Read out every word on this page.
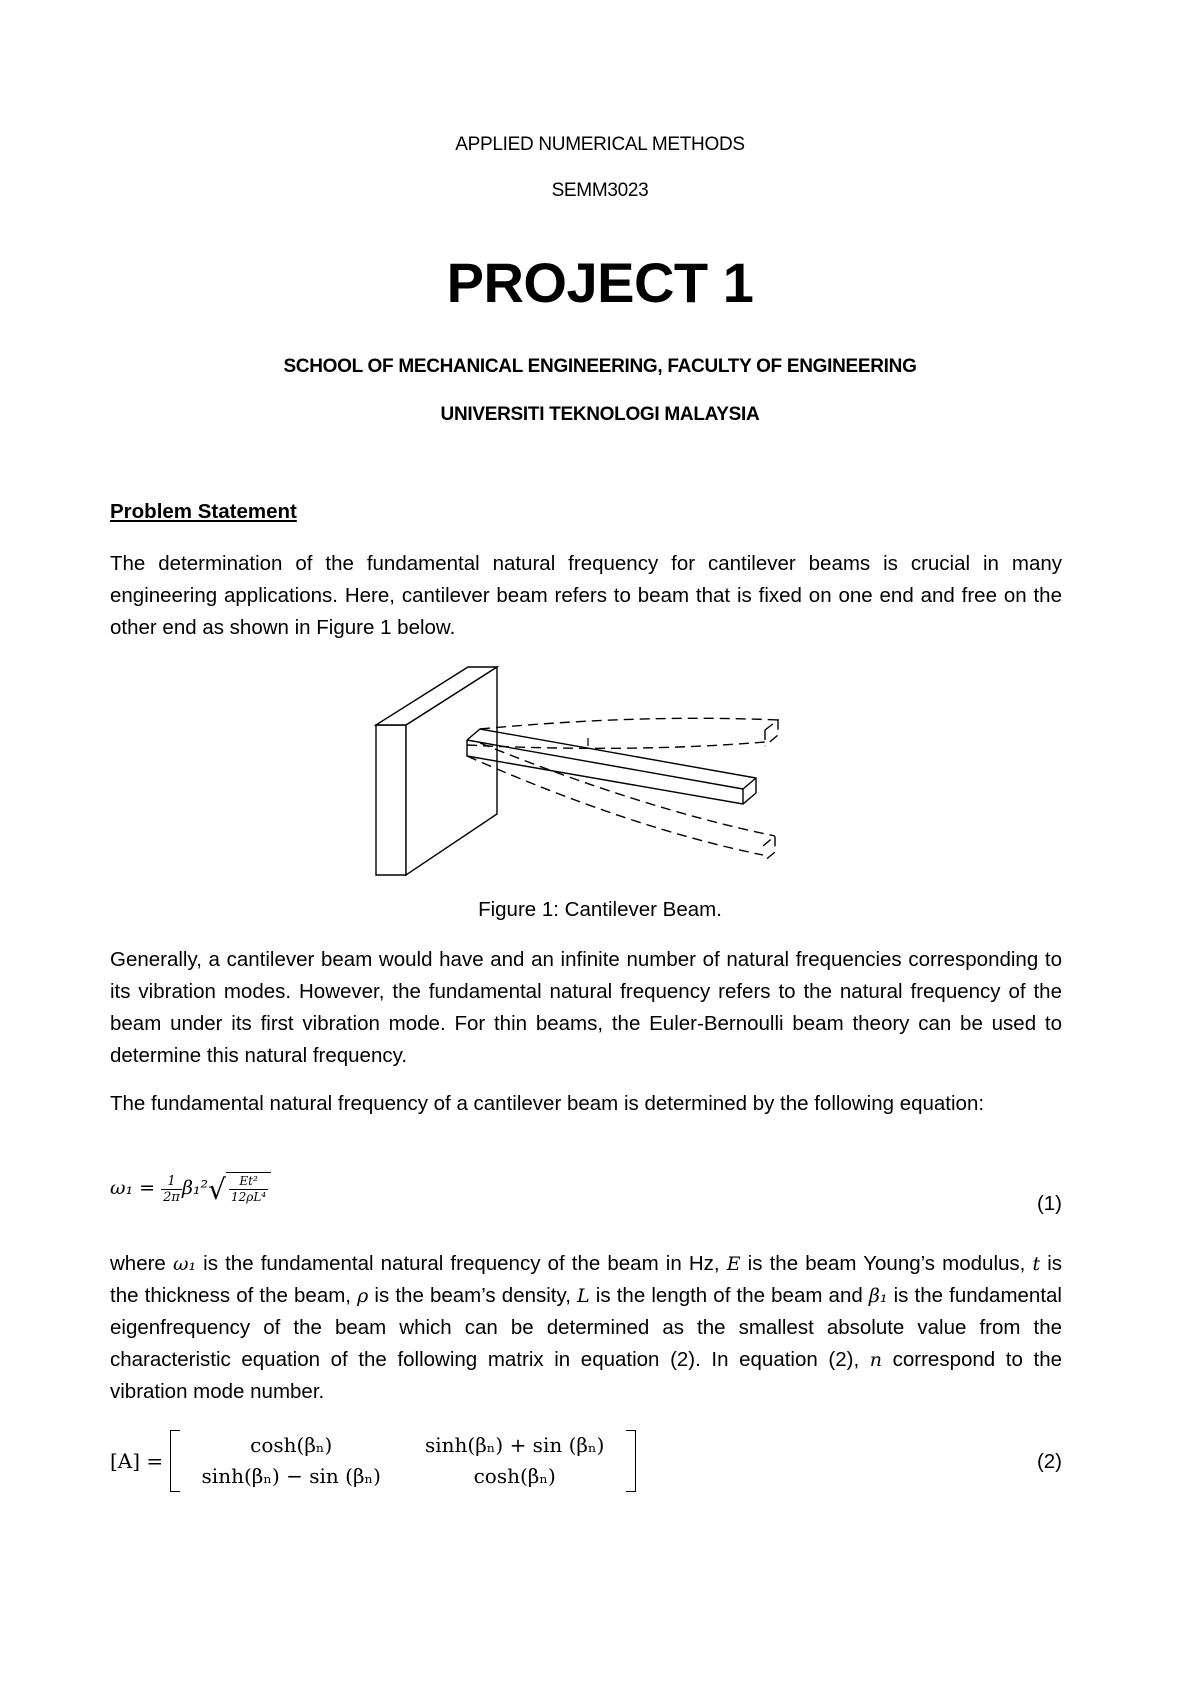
APPLIED NUMERICAL METHODS
SEMM3023
PROJECT 1
SCHOOL OF MECHANICAL ENGINEERING, FACULTY OF ENGINEERING
UNIVERSITI TEKNOLOGI MALAYSIA
Problem Statement

The determination of the fundamental natural frequency for cantilever beams is crucial in many engineering applications. Here, cantilever beam refers to beam that is fixed on one end and free on the other end as shown in Figure 1 below.

Figure 1: Cantilever Beam.

Generally, a cantilever beam would have and an infinite number of natural frequencies corresponding to its vibration modes. However, the fundamental natural frequency refers to the natural frequency of the beam under its first vibration mode. For thin beams, the Euler-Bernoulli beam theory can be used to determine this natural frequency.

The fundamental natural frequency of a cantilever beam is determined by the following equation:

$\omega_1 = \frac{1}{2\pi} \beta_1^2√ \frac{\text{Et²}}{\text{12ρL⁴}}$	(1)

where ω₁ is the fundamental natural frequency of the beam in Hz, E is the beam Young’s modulus, t is the thickness of the beam, ρ is the beam’s density, L is the length of the beam and β₁ is the fundamental eigenfrequency of the beam which can be determined as the smallest absolute value from the characteristic equation of the following matrix in equation (2). In equation (2), n correspond to the vibration mode number.

[A] =
cosh(βₙ)	sinh(βₙ) + sin (βₙ)
sinh(βₙ) − sin (βₙ)	cosh(βₙ)
(2)
